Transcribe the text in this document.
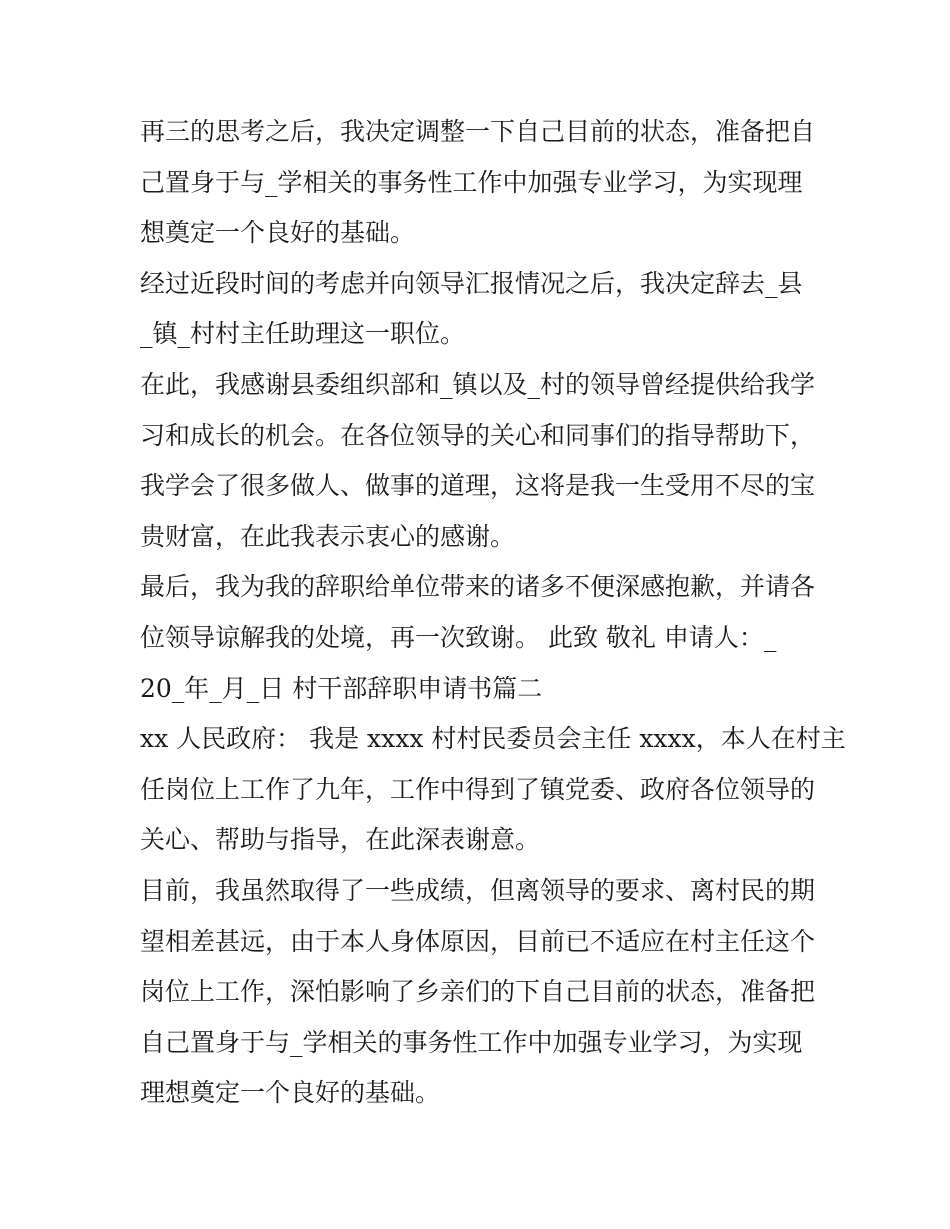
再三的思考之后，我决定调整一下自己目前的状态，准备把自
己置身于与_学相关的事务性工作中加强专业学习，为实现理
想奠定一个良好的基础。
经过近段时间的考虑并向领导汇报情况之后，我决定辞去_县
_镇_村村主任助理这一职位。
在此，我感谢县委组织部和_镇以及_村的领导曾经提供给我学
习和成长的机会。在各位领导的关心和同事们的指导帮助下，
我学会了很多做人、做事的道理，这将是我一生受用不尽的宝
贵财富，在此我表示衷心的感谢。
最后，我为我的辞职给单位带来的诸多不便深感抱歉，并请各
位领导谅解我的处境，再一次致谢。 此致 敬礼 申请人：_
20_年_月_日 村干部辞职申请书篇二
xx 人民政府： 我是 xxxx 村村民委员会主任 xxxx，本人在村主
任岗位上工作了九年，工作中得到了镇党委、政府各位领导的
关心、帮助与指导，在此深表谢意。
目前，我虽然取得了一些成绩，但离领导的要求、离村民的期
望相差甚远，由于本人身体原因，目前已不适应在村主任这个
岗位上工作，深怕影响了乡亲们的下自己目前的状态，准备把
自己置身于与_学相关的事务性工作中加强专业学习，为实现
理想奠定一个良好的基础。
